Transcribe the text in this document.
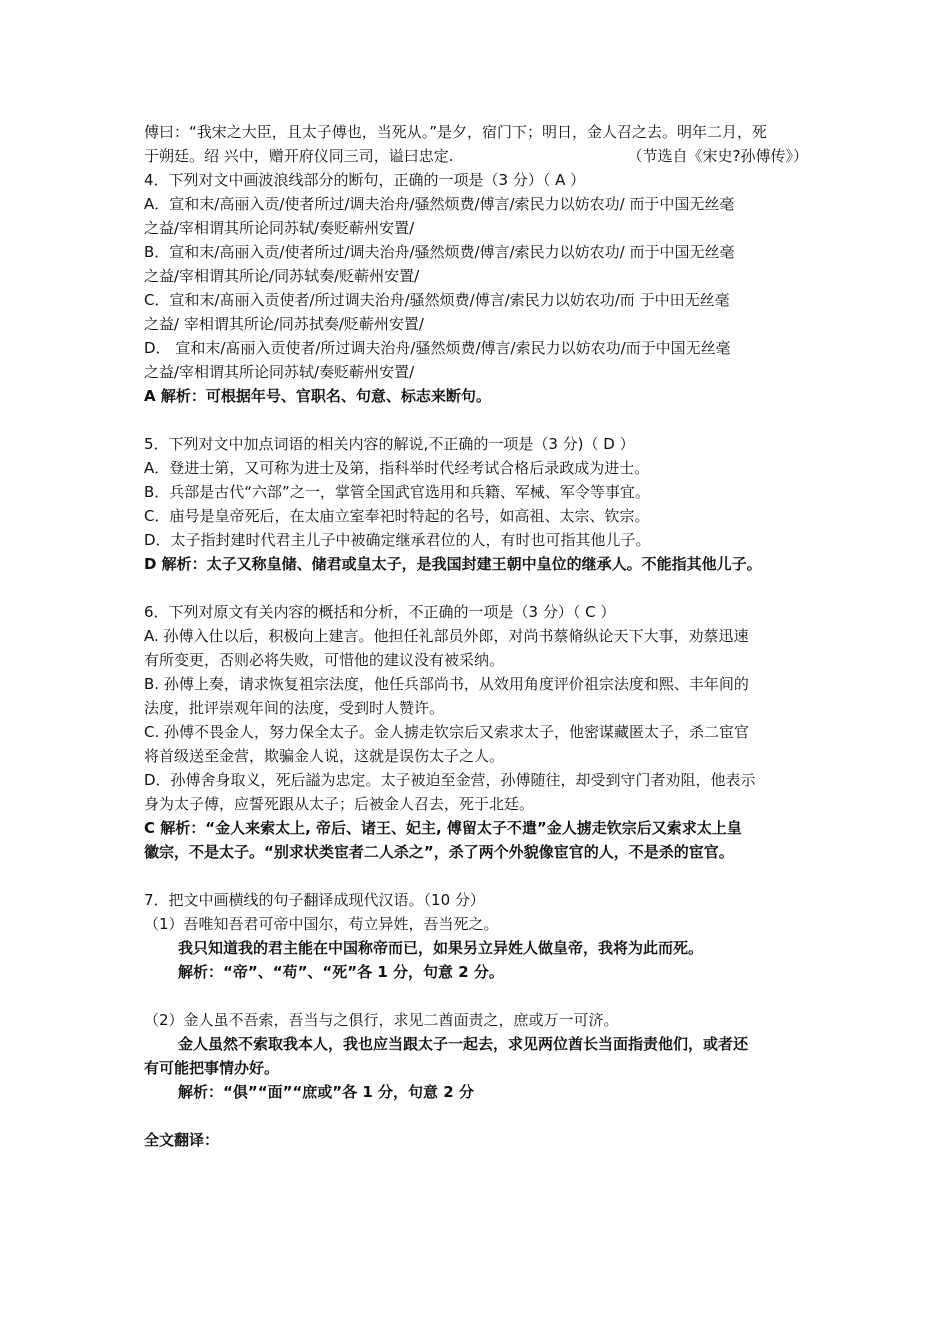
傅曰：“我宋之大臣，且太子傅也，当死从。”是夕，宿门下；明日，金人召之去。明年二月，死
于朔廷。绍 兴中，赠开府仪同三司，谥曰忠定.	（节选自《宋史?孙傅传》）
4．下列对文中画波浪线部分的断句，正确的一项是（3 分）（ A ）
A．宣和末/高丽入贡/使者所过/调夫治舟/骚然烦费/傅言/索民力以妨农功/ 而于中国无丝毫
之益/宰相谓其所论同苏轼/奏贬蕲州安置/
B．宣和末/高丽入贡/使者所过/调夫治舟/骚然烦费/傅言/索民力以妨农功/ 而于中国无丝毫
之益/宰相谓其所论/同苏轼奏/贬蕲州安置/
C．宣和末/髙丽入贡使者/所过调夫治舟/骚然烦费/傅言/索民力以妨农功/而 于中田无丝毫
之益/ 宰相谓其所论/同苏拭奏/贬蕲州安置/
D． 宣和末/髙丽入贡使者/所过调夫治舟/骚然烦费/傅言/索民力以妨农功/而于中国无丝毫
之益/宰相谓其所论同苏轼/奏贬蕲州安置/
A 解析：可根据年号、官职名、句意、标志来断句。
5．下列对文中加点词语的相关内容的解说,不正确的一项是（3 分)（ D ）
A．登进士第，又可称为进士及第，指科举时代经考试合格后录政成为进士。
B．兵部是古代“六部”之一，掌管全国武官选用和兵籍、军械、军令等事宜。
C．庙号是皇帝死后，在太庙立室奉祀时特起的名号，如高祖、太宗、钦宗。
D．太子指封建时代君主儿子中被确定继承君位的人，有时也可指其他儿子。
D 解析：太子又称皇储、储君或皇太子，是我国封建王朝中皇位的继承人。不能指其他儿子。
6．下列对原文有关内容的概括和分析，不正确的一项是（3 分）（ C ）
A. 孙傅入仕以后，积极向上建言。他担任礼部员外郎，对尚书蔡脩纵论天下大事，劝蔡迅速
有所变更，否则必将失败，可惜他的建议没有被采纳。
B. 孙傅上奏，请求恢复祖宗法度，他任兵部尚书，从效用角度评价祖宗法度和熙、丰年间的
法度，批评崇观年间的法度，受到时人赞许。
C. 孙傅不畏金人，努力保全太子。金人掳走钦宗后又索求太子，他密谋藏匿太子，杀二宦官
将首级送至金营，欺骗金人说，这就是误伤太子之人。
D．孙傅舍身取义，死后謚为忠定。太子被迫至金营，孙傅随往，却受到守门者劝阻，他表示
身为太子傅，应誓死跟从太子；后被金人召去，死于北廷。
C 解析：“金人来索太上, 帝后、诸王、妃主, 傅留太子不遣”金人掳走钦宗后又索求太上皇
徽宗，不是太子。“别求状类宦者二人杀之”，杀了两个外貌像宦官的人，不是杀的宦官。
7．把文中画横线的句子翻译成现代汉语。（10 分）
（1）吾唯知吾君可帝中国尔，苟立异姓，吾当死之。
我只知道我的君主能在中国称帝而已，如果另立异姓人做皇帝，我将为此而死。
解析：“帝”、“苟”、“死”各 1 分，句意 2 分。
（2）金人虽不吾索，吾当与之俱行，求见二酋面责之，庶或万一可济。
金人虽然不索取我本人，我也应当跟太子一起去，求见两位酋长当面指责他们，或者还
有可能把事情办好。
解析：“俱”“面”“庶或”各 1 分，句意 2 分
全文翻译：
